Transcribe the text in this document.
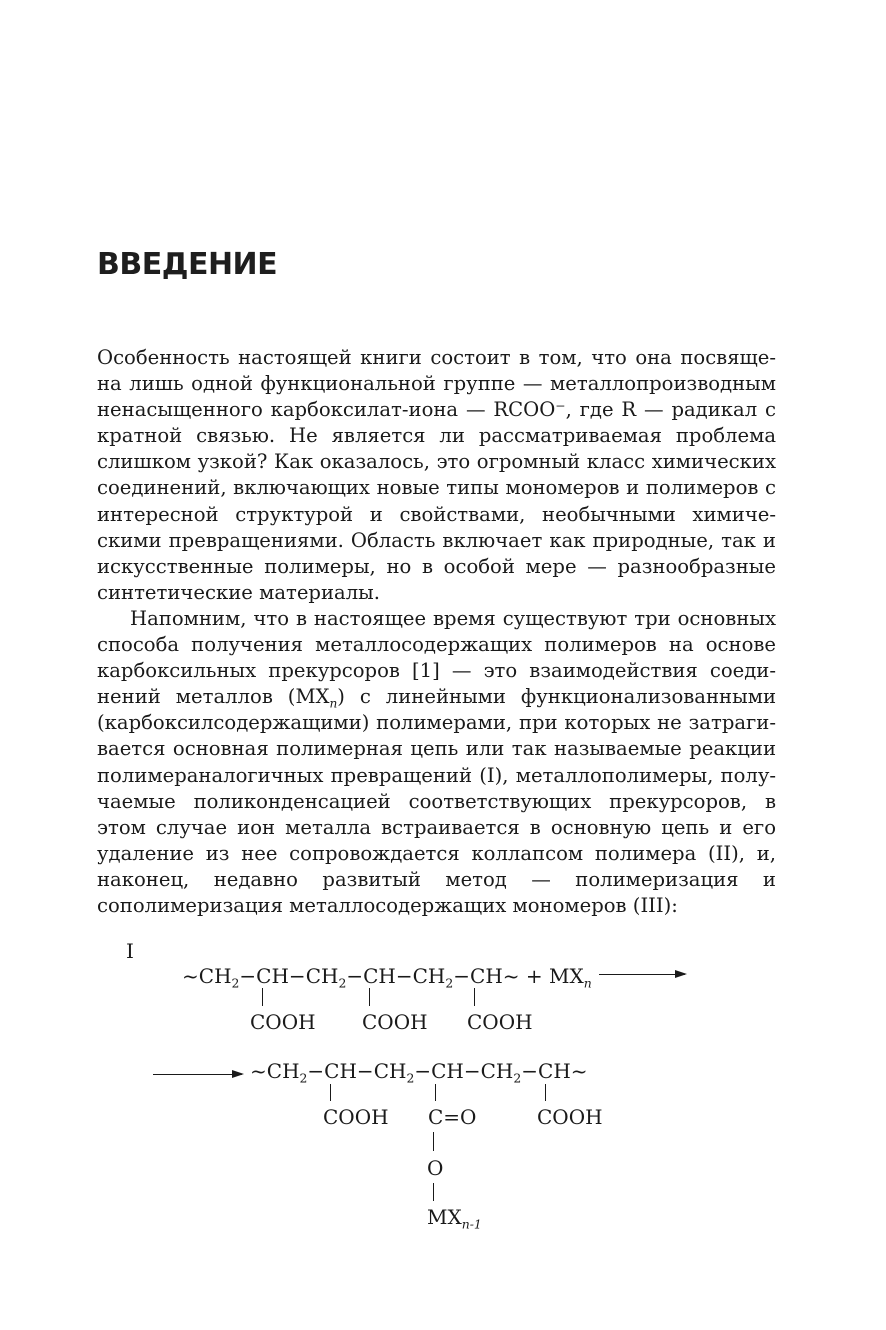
ВВЕДЕНИЕ

Особенность настоящей книги состоит в том, что она посвящена лишь одной функциональной группе — металлопроизводным ненасыщенного карбоксилат-иона — RCOO⁻, где R — радикал с кратной связью. Не является ли рассматриваемая проблема слишком узкой? Как оказалось, это огромный класс химических соединений, включающих новые типы мономеров и полимеров с интересной структурой и свойствами, необычными химическими превращениями. Область включает как природные, так и искусственные полимеры, но в особой мере — разнообразные синтетические материалы.

Напомним, что в настоящее время существуют три основных способа получения металлосодержащих полимеров на основе карбоксильных прекурсоров [1] — это взаимодействия соединений металлов $(MX_n)$ с линейными функционализованными (карбоксилсодержащими) полимерами, при которых не затрагивается основная полимерная цепь или так называемые реакции полимераналогичных превращений (I), металлополимеры, получаемые поликонденсацией соответствующих прекурсоров, в этом случае ион металла встраивается в основную цепь и его удаление из нее сопровождается коллапсом полимера (II), и, наконец, недавно развитый метод — полимеризация и сополимеризация металлосодержащих мономеров (III):

I
$\sim CH_2-CH-CH_2-CH-CH_2-CH\sim + MX_n$
COOH COOH COOH
$\sim CH_2-CH-CH_2-CH-CH_2-CH\sim$
COOH C=O	COOH
O
$MX_{n-1}$
